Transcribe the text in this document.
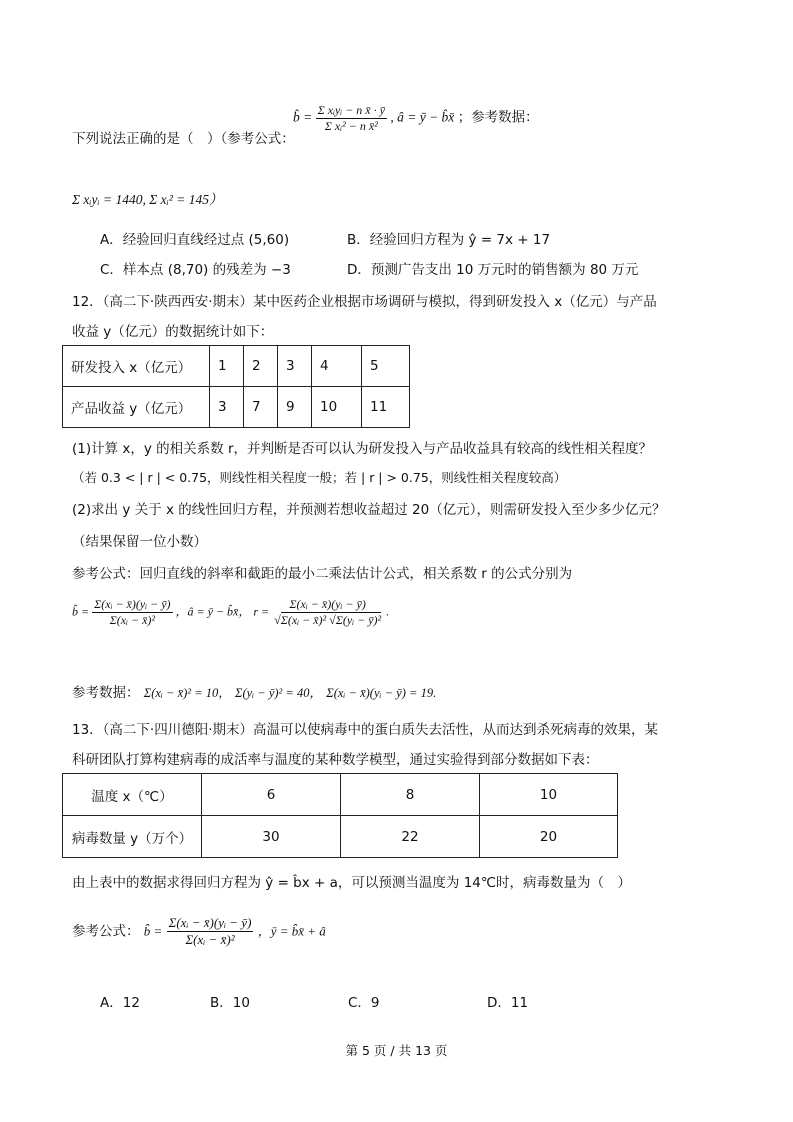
下列说法正确的是（　）（参考公式：
b̂ = $\frac{\text{Σ xᵢyᵢ − n x̄ · ȳ}}{\text{Σ xᵢ² − n x̄²}}$ , â = ȳ − b̂x̄ ；参考数据：
Σ xᵢyᵢ = 1440, Σ xᵢ² = 145）
A．经验回归直线经过点 (5,60)	B．经验回归方程为 ŷ = 7x + 17
C．样本点 (8,70) 的残差为 −3	D．预测广告支出 10 万元时的销售额为 80 万元
12．（高二下·陕西西安·期末）某中医药企业根据市场调研与模拟，得到研发投入 x（亿元）与产品
收益 y（亿元）的数据统计如下：
研发投入 x（亿元）	1	2	3	4	5
产品收益 y（亿元）	3	7	9	10	11
(1)计算 x，y 的相关系数 r，并判断是否可以认为研发投入与产品收益具有较高的线性相关程度？
（若 0.3 < | r | < 0.75，则线性相关程度一般；若 | r | > 0.75，则线性相关程度较高）
(2)求出 y 关于 x 的线性回归方程，并预测若想收益超过 20（亿元），则需研发投入至少多少亿元？
（结果保留一位小数）
参考公式：回归直线的斜率和截距的最小二乘法估计公式，相关系数 r 的公式分别为
b̂ = $\frac{\text{Σ(xᵢ − x̄)(yᵢ − ȳ)}}{\text{Σ(xᵢ − x̄)²}}$ ，â = ȳ − b̂x̄， $r = \frac{\text{Σ(xᵢ − x̄)(yᵢ − ȳ)}}{\text{√Σ(xᵢ − x̄)² √Σ(yᵢ − ȳ)²}}$ .
参考数据： Σ(xᵢ − x̄)² = 10， Σ(yᵢ − ȳ)² = 40， Σ(xᵢ − x̄)(yᵢ − ȳ) = 19.
13．（高二下·四川德阳·期末）高温可以使病毒中的蛋白质失去活性，从而达到杀死病毒的效果，某
科研团队打算构建病毒的成活率与温度的某种数学模型，通过实验得到部分数据如下表：
温度 x（℃）	6	8	10
病毒数量 y（万个）	30	22	20
由上表中的数据求得回归方程为 ŷ = b̂x + a，可以预测当温度为 14℃时，病毒数量为（　）
参考公式： b̂ = $\frac{\text{Σ(xᵢ − x̄)(yᵢ − ȳ)}}{\text{Σ(xᵢ − x̄)²}}$ ，ȳ = b̂x̄ + â
A．12	B．10	C．9	D．11
第 5 页 / 共 13 页
